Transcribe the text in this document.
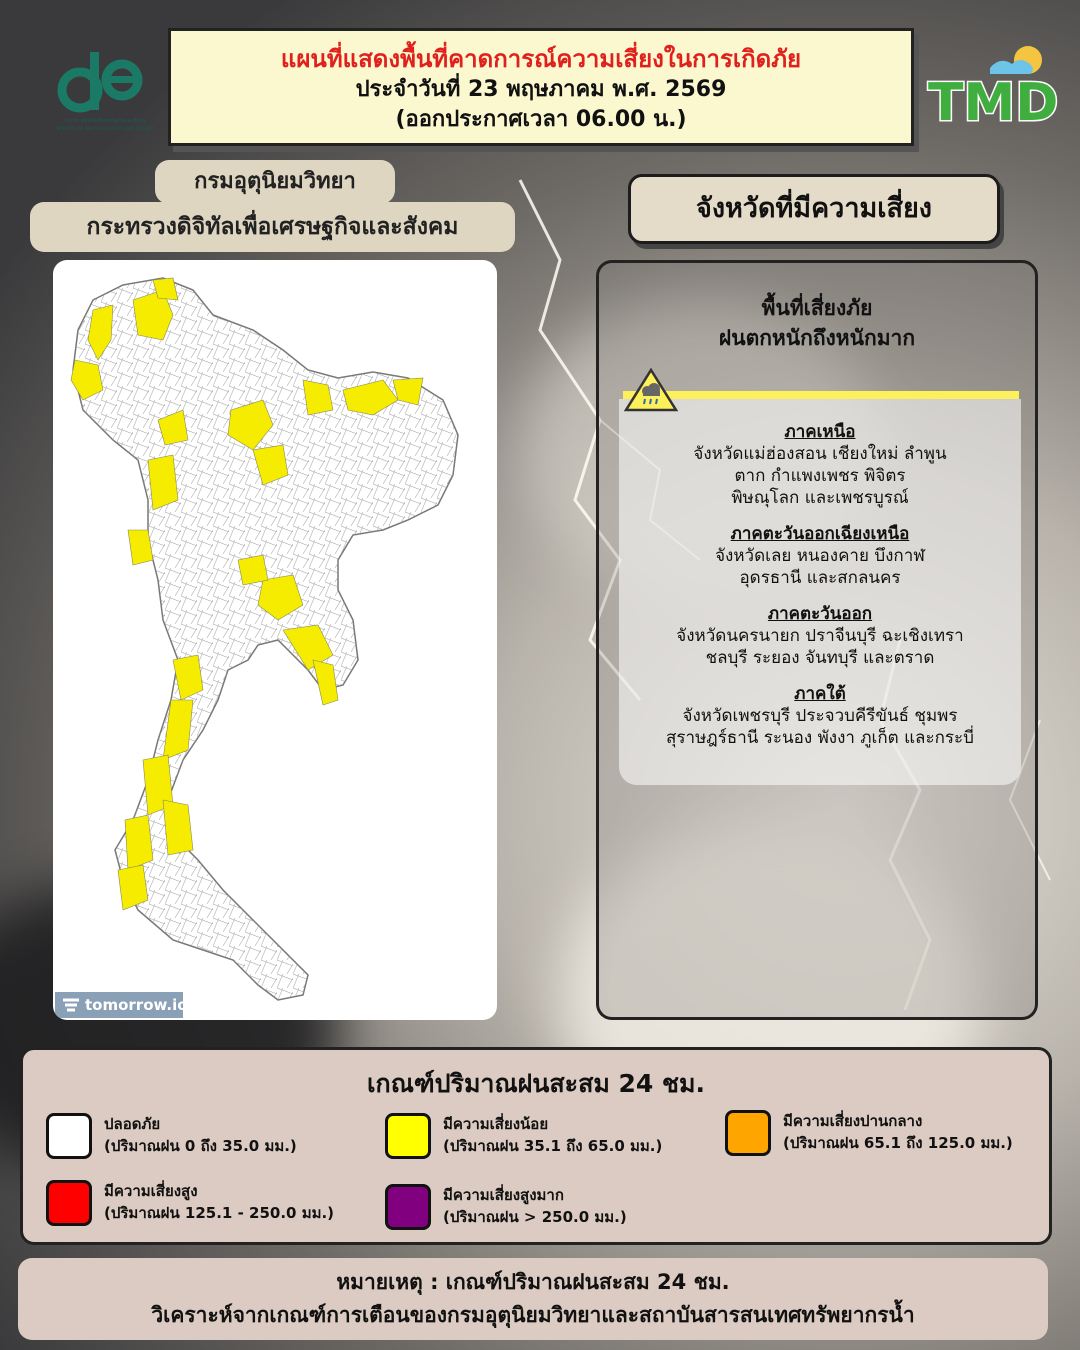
กระทรวงดิจิทัลเพื่อเศรษฐกิจและสังคม
MINISTRY OF DIGITAL ECONOMY AND SOCIETY
แผนที่แสดงพื้นที่คาดการณ์ความเสี่ยงในการเกิดภัย
ประจำวันที่ 23 พฤษภาคม พ.ศ. 2569
(ออกประกาศเวลา 06.00 น.)	TMD
กรมอุตุนิยมวิทยา
กระทรวงดิจิทัลเพื่อเศรษฐกิจและสังคม
tomorrow.io
จังหวัดที่มีความเสี่ยง
พื้นที่เสี่ยงภัย
ฝนตกหนักถึงหนักมาก
ภาคเหนือ
จังหวัดแม่ฮ่องสอน เชียงใหม่ ลำพูน
ตาก กำแพงเพชร พิจิตร
พิษณุโลก และเพชรบูรณ์
ภาคตะวันออกเฉียงเหนือ
จังหวัดเลย หนองคาย บึงกาฬ
อุดรธานี และสกลนคร
ภาคตะวันออก
จังหวัดนครนายก ปราจีนบุรี ฉะเชิงเทรา
ชลบุรี ระยอง จันทบุรี และตราด
ภาคใต้
จังหวัดเพชรบุรี ประจวบคีรีขันธ์ ชุมพร
สุราษฎร์ธานี ระนอง พังงา ภูเก็ต และกระบี่
เกณฑ์ปริมาณฝนสะสม 24 ชม.
ปลอดภัย
(ปริมาณฝน 0 ถึง 35.0 มม.)
มีความเสี่ยงน้อย
(ปริมาณฝน 35.1 ถึง 65.0 มม.)
มีความเสี่ยงปานกลาง
(ปริมาณฝน 65.1 ถึง 125.0 มม.)
มีความเสี่ยงสูง
(ปริมาณฝน 125.1 - 250.0 มม.)
มีความเสี่ยงสูงมาก
(ปริมาณฝน > 250.0 มม.)
หมายเหตุ : เกณฑ์ปริมาณฝนสะสม 24 ชม.
วิเคราะห์จากเกณฑ์การเตือนของกรมอุตุนิยมวิทยาและสถาบันสารสนเทศทรัพยากรน้ำ
